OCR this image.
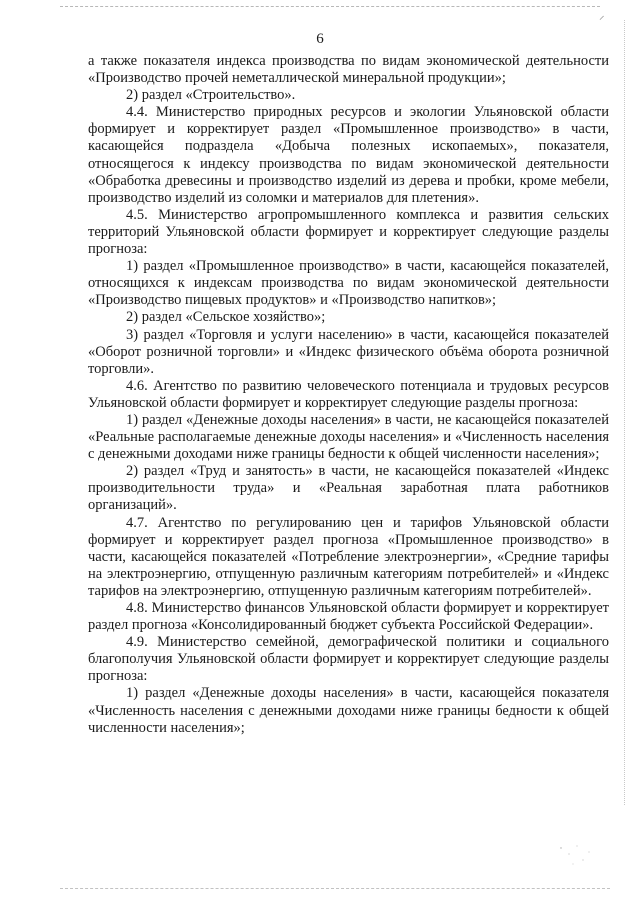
⸝
6

а также показателя индекса производства по видам экономической деятельности «Производство прочей неметаллической минеральной продукции»;

2) раздел «Строительство».

4.4. Министерство природных ресурсов и экологии Ульяновской области формирует и корректирует раздел «Промышленное производство» в части, касающейся подраздела «Добыча полезных ископаемых», показателя, относящегося к индексу производства по видам экономической деятельности «Обработка древесины и производство изделий из дерева и пробки, кроме мебели, производство изделий из соломки и материалов для плетения».

4.5. Министерство агропромышленного комплекса и развития сельских территорий Ульяновской области формирует и корректирует следующие разделы прогноза:

1) раздел «Промышленное производство» в части, касающейся показателей, относящихся к индексам производства по видам экономической деятельности «Производство пищевых продуктов» и «Производство напитков»;

2) раздел «Сельское хозяйство»;

3) раздел «Торговля и услуги населению» в части, касающейся показателей «Оборот розничной торговли» и «Индекс физического объёма оборота розничной торговли».

4.6. Агентство по развитию человеческого потенциала и трудовых ресурсов Ульяновской области формирует и корректирует следующие разделы прогноза:

1) раздел «Денежные доходы населения» в части, не касающейся показателей «Реальные располагаемые денежные доходы населения» и «Численность населения с денежными доходами ниже границы бедности к общей численности населения»;

2) раздел «Труд и занятость» в части, не касающейся показателей «Индекс производительности труда» и «Реальная заработная плата работников организаций».

4.7. Агентство по регулированию цен и тарифов Ульяновской области формирует и корректирует раздел прогноза «Промышленное производство» в части, касающейся показателей «Потребление электроэнергии», «Средние тарифы на электроэнергию, отпущенную различным категориям потребителей» и «Индекс тарифов на электроэнергию, отпущенную различным категориям потребителей».

4.8. Министерство финансов Ульяновской области формирует и корректирует раздел прогноза «Консолидированный бюджет субъекта Российской Федерации».

4.9. Министерство семейной, демографической политики и социального благополучия Ульяновской области формирует и корректирует следующие разделы прогноза:

1) раздел «Денежные доходы населения» в части, касающейся показателя «Численность населения с денежными доходами ниже границы бедности к общей численности населения»;
